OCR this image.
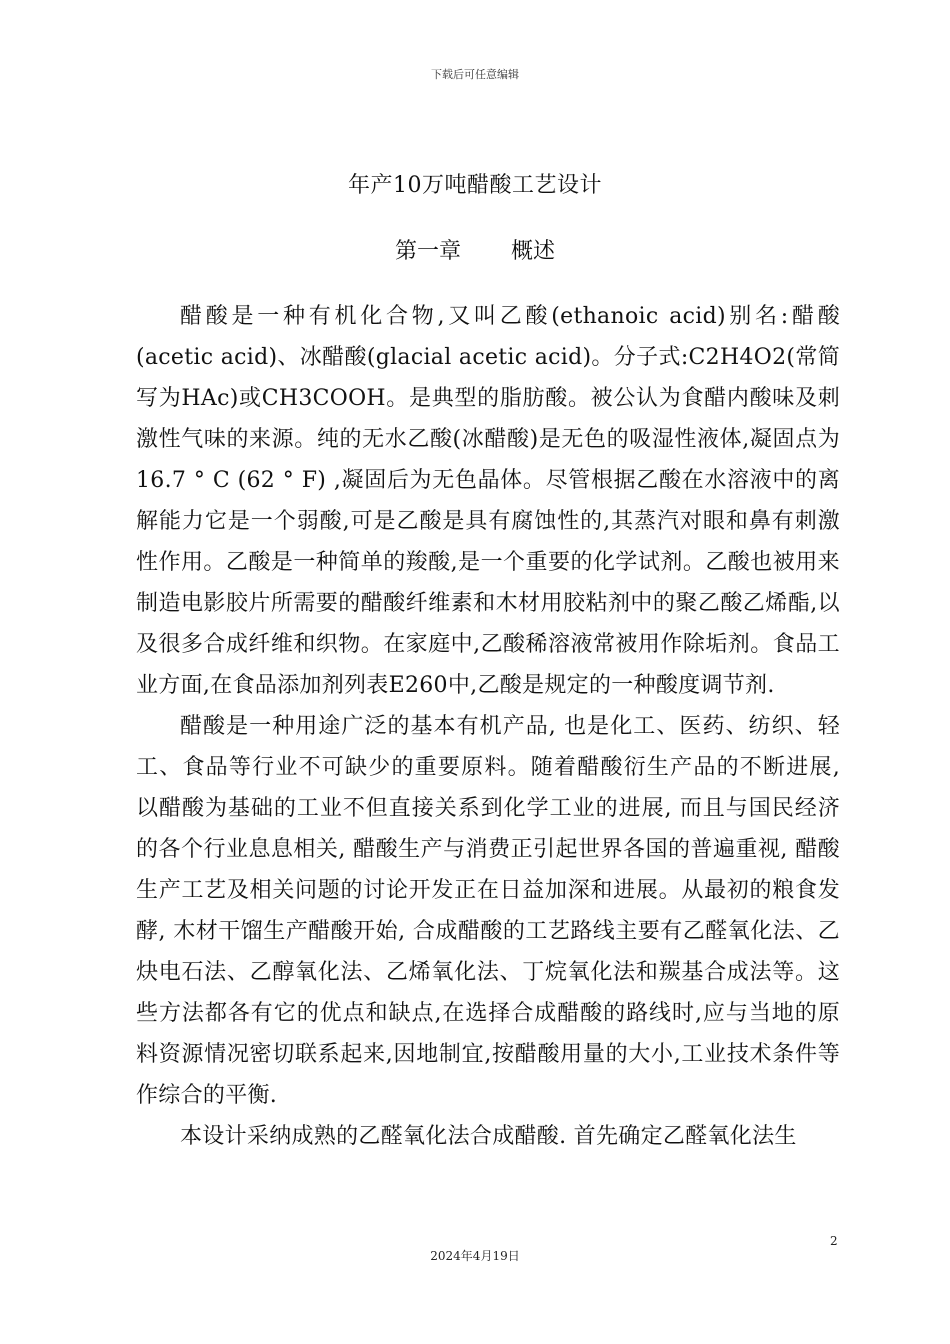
下载后可任意编辑
年产10万吨醋酸工艺设计
第一章  概述

醋酸是一种有机化合物,又叫乙酸(ethanoic acid)别名:醋酸(acetic acid)、冰醋酸(glacial acetic acid)。分子式:C2H4O2(常简写为HAc)或CH3COOH。是典型的脂肪酸。被公认为食醋内酸味及刺激性气味的来源。纯的无水乙酸(冰醋酸)是无色的吸湿性液体,凝固点为16.7 ° C (62 ° F) ,凝固后为无色晶体。尽管根据乙酸在水溶液中的离解能力它是一个弱酸,可是乙酸是具有腐蚀性的,其蒸汽对眼和鼻有刺激性作用。乙酸是一种简单的羧酸,是一个重要的化学试剂。乙酸也被用来制造电影胶片所需要的醋酸纤维素和木材用胶粘剂中的聚乙酸乙烯酯,以及很多合成纤维和织物。在家庭中,乙酸稀溶液常被用作除垢剂。食品工业方面,在食品添加剂列表E260中,乙酸是规定的一种酸度调节剂.

醋酸是一种用途广泛的基本有机产品, 也是化工、医药、纺织、轻工、食品等行业不可缺少的重要原料。随着醋酸衍生产品的不断进展, 以醋酸为基础的工业不但直接关系到化学工业的进展, 而且与国民经济的各个行业息息相关, 醋酸生产与消费正引起世界各国的普遍重视, 醋酸生产工艺及相关问题的讨论开发正在日益加深和进展。从最初的粮食发酵, 木材干馏生产醋酸开始, 合成醋酸的工艺路线主要有乙醛氧化法、乙炔电石法、乙醇氧化法、乙烯氧化法、丁烷氧化法和羰基合成法等。这些方法都各有它的优点和缺点,在选择合成醋酸的路线时,应与当地的原料资源情况密切联系起来,因地制宜,按醋酸用量的大小,工业技术条件等作综合的平衡.

本设计采纳成熟的乙醛氧化法合成醋酸. 首先确定乙醛氧化法生

2
2024年4月19日
